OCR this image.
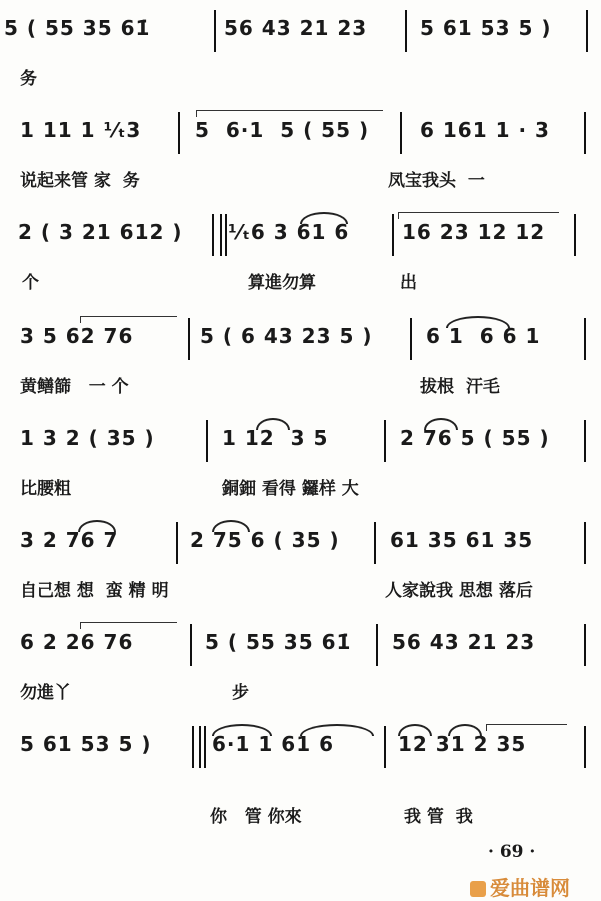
5 ( 55 35 61̇	56 43 21 23	5 61 53 5 )
务
1 11 1 ¹⁄ₜ3	5  6·1  5 ( 55 )	6 161 1 · 3
说起来管 家  务	凤宝我头  一
2 ( 3 21 612 ) ¹⁄ₜ6 3 61 6	16 23 12 12
个	算進勿算	出
3 5 62 76	5 ( 6 43 23 5 )	6 1  6 6 1
黄鳝篩   一 个	拔根  汗毛
1 3 2 ( 35 )	1 12  3 5	2 76 5 ( 55 )
比腰粗	銅鈿 看得 鑼样 大
3 2 76 7	2 75 6 ( 35 )	61 35 61 35
自己想 想  蛮 精 明	人家說我 思想 落后
6 2 26 76	5 ( 55 35 61̇ 56 43 21 23
勿進丫	步
5 61 53 5 )	6·1 1 61 6	12 31 2 35
你   管 你來	我 管  我
· 69 ·
爱曲谱网
